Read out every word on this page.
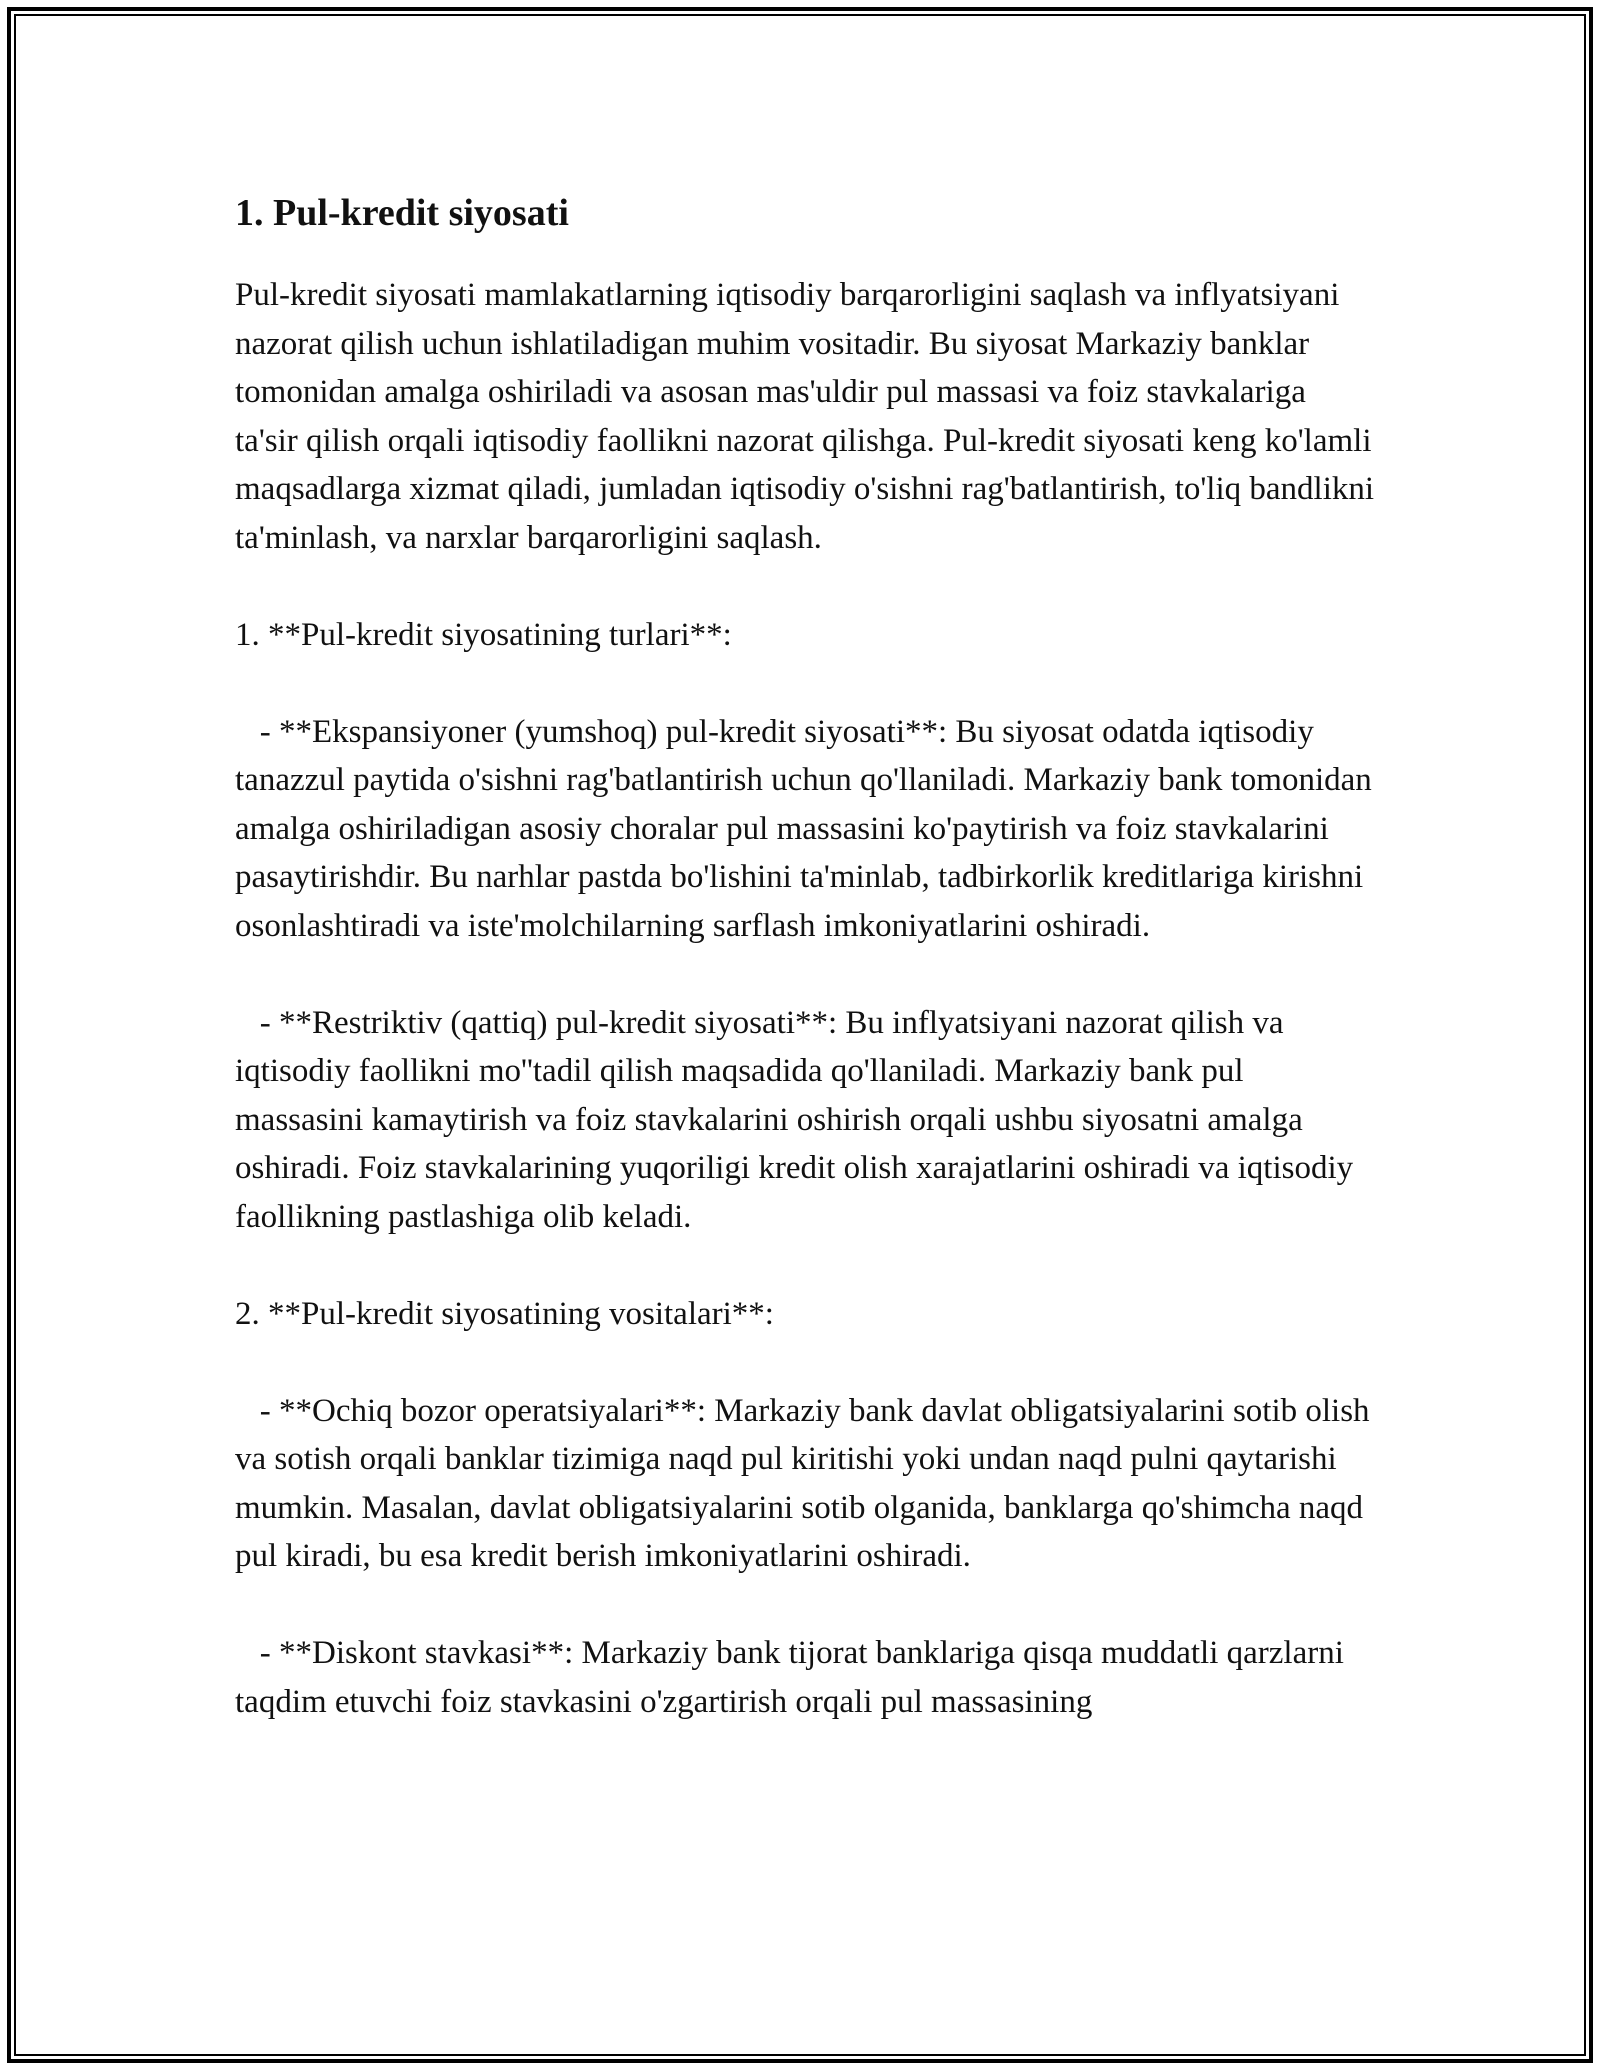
1. Pul-kredit siyosati

Pul-kredit siyosati mamlakatlarning iqtisodiy barqarorligini saqlash va inflyatsiyani nazorat qilish uchun ishlatiladigan muhim vositadir. Bu siyosat Markaziy banklar tomonidan amalga oshiriladi va asosan mas'uldir pul massasi va foiz stavkalariga ta'sir qilish orqali iqtisodiy faollikni nazorat qilishga. Pul-kredit siyosati keng ko'lamli maqsadlarga xizmat qiladi, jumladan iqtisodiy o'sishni rag'batlantirish, to'liq bandlikni ta'minlash, va narxlar barqarorligini saqlash.

1. **Pul-kredit siyosatining turlari**:

- **Ekspansiyoner (yumshoq) pul-kredit siyosati**: Bu siyosat odatda iqtisodiy tanazzul paytida o'sishni rag'batlantirish uchun qo'llaniladi. Markaziy bank tomonidan amalga oshiriladigan asosiy choralar pul massasini ko'paytirish va foiz stavkalarini pasaytirishdir. Bu narhlar pastda bo'lishini ta'minlab, tadbirkorlik kreditlariga kirishni osonlashtiradi va iste'molchilarning sarflash imkoniyatlarini oshiradi.

- **Restriktiv (qattiq) pul-kredit siyosati**: Bu inflyatsiyani nazorat qilish va iqtisodiy faollikni mo''tadil qilish maqsadida qo'llaniladi. Markaziy bank pul massasini kamaytirish va foiz stavkalarini oshirish orqali ushbu siyosatni amalga oshiradi. Foiz stavkalarining yuqoriligi kredit olish xarajatlarini oshiradi va iqtisodiy faollikning pastlashiga olib keladi.

2. **Pul-kredit siyosatining vositalari**:

- **Ochiq bozor operatsiyalari**: Markaziy bank davlat obligatsiyalarini sotib olish va sotish orqali banklar tizimiga naqd pul kiritishi yoki undan naqd pulni qaytarishi mumkin. Masalan, davlat obligatsiyalarini sotib olganida, banklarga qo'shimcha naqd pul kiradi, bu esa kredit berish imkoniyatlarini oshiradi.

- **Diskont stavkasi**: Markaziy bank tijorat banklariga qisqa muddatli qarzlarni taqdim etuvchi foiz stavkasini o'zgartirish orqali pul massasining
